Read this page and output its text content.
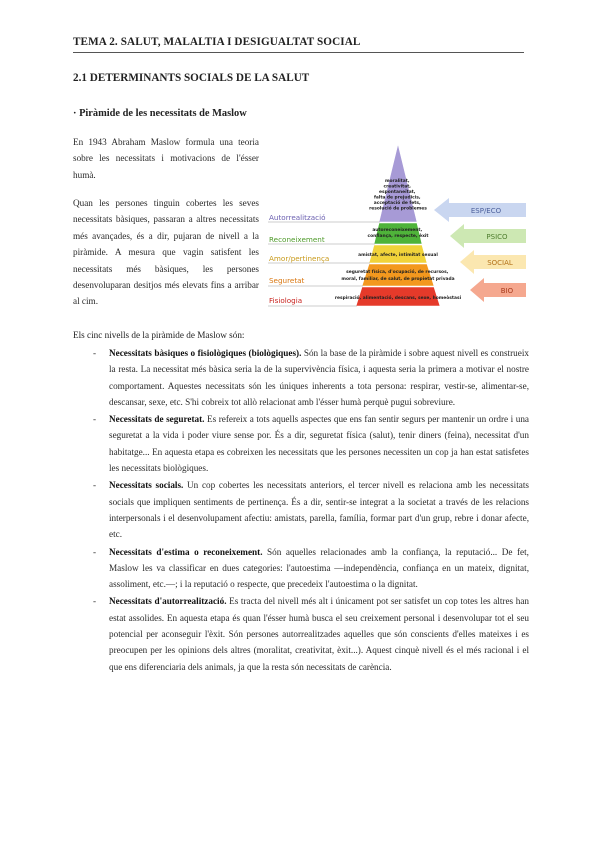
TEMA 2. SALUT, MALALTIA I DESIGUALTAT SOCIAL
2.1 DETERMINANTS SOCIALS DE LA SALUT
· Piràmide de les necessitats de Maslow
En 1943 Abraham Maslow formula una teoria sobre les necessitats i motivacions de l'ésser humà.
Quan les persones tinguin cobertes les seves necessitats bàsiques, passaran a altres necessitats més avançades, és a dir, pujaran de nivell a la piràmide. A mesura que vagin satisfent les necessitats més bàsiques, les persones desenvoluparan desitjos més elevats fins a arribar al cim.
moralitat, creativitat, espontaneïtat, falta de prejudicis, acceptació de fets, resolució de problemes
autoreconeixement, confiança, respecte, èxit
amistat, afecte, intimitat sexual
seguretat física, d'ocupació, de recursos, moral, familiar, de salut, de propietat privada
respiració, alimentació, descans, sexe, homeòstasi
Autorrealització
Reconeixement
Amor/pertinença
Seguretat
Fisiologia
ESP/ECO
PSICO
SOCIAL
BIO
Els cinc nivells de la piràmide de Maslow són:
- Necessitats bàsiques o fisiològiques (biològiques). Són la base de la piràmide i sobre aquest nivell es construeix la resta. La necessitat més bàsica seria la de la supervivència física, i aquesta seria la primera a motivar el nostre comportament. Aquestes necessitats són les úniques inherents a tota persona: respirar, vestir-se, alimentar-se, descansar, sexe, etc. S'hi cobreix tot allò relacionat amb l'ésser humà perquè pugui sobreviure.
- Necessitats de seguretat. Es refereix a tots aquells aspectes que ens fan sentir segurs per mantenir un ordre i una seguretat a la vida i poder viure sense por. És a dir, seguretat física (salut), tenir diners (feina), necessitat d'un habitatge... En aquesta etapa es cobreixen les necessitats que les persones necessiten un cop ja han estat satisfetes les necessitats biològiques.
- Necessitats socials. Un cop cobertes les necessitats anteriors, el tercer nivell es relaciona amb les necessitats socials que impliquen sentiments de pertinença. És a dir, sentir-se integrat a la societat a través de les relacions interpersonals i el desenvolupament afectiu: amistats, parella, família, formar part d'un grup, rebre i donar afecte, etc.
- Necessitats d'estima o reconeixement. Són aquelles relacionades amb la confiança, la reputació... De fet, Maslow les va classificar en dues categories: l'autoestima —independència, confiança en un mateix, dignitat, assoliment, etc.—; i la reputació o respecte, que precedeix l'autoestima o la dignitat.
- Necessitats d'autorrealització. Es tracta del nivell més alt i únicament pot ser satisfet un cop totes les altres han estat assolides. En aquesta etapa és quan l'ésser humà busca el seu creixement personal i desenvolupar tot el seu potencial per aconseguir l'èxit. Són persones autorrealitzades aquelles que són conscients d'elles mateixes i es preocupen per les opinions dels altres (moralitat, creativitat, èxit...). Aquest cinquè nivell és el més racional i el que ens diferenciaria dels animals, ja que la resta són necessitats de carència.
